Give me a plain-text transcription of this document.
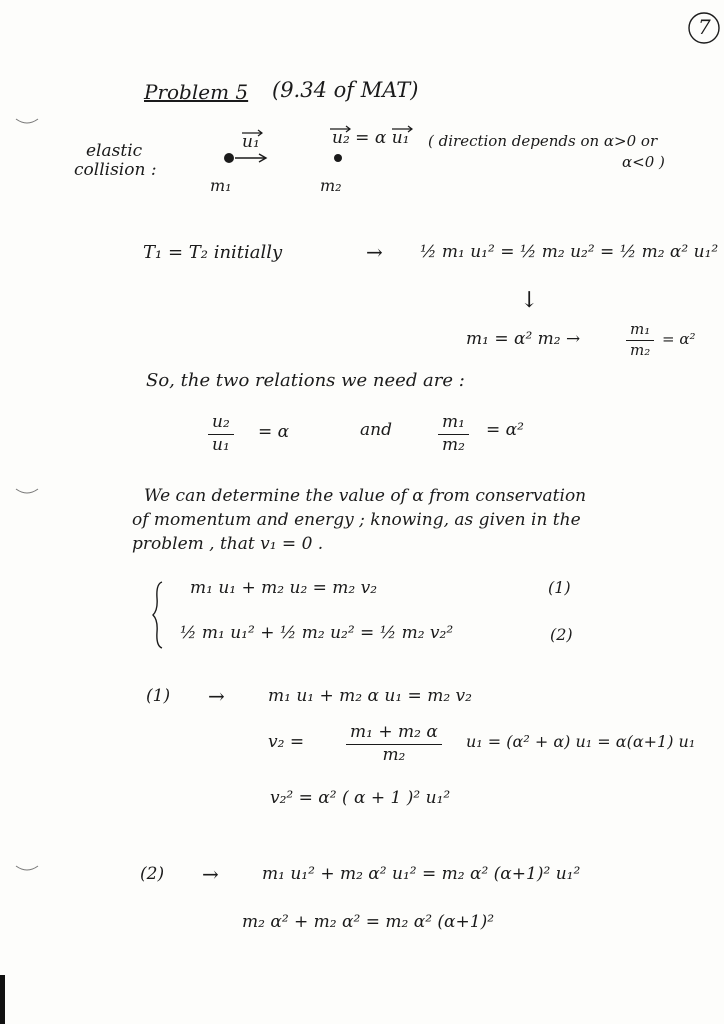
7
Problem 5 (9.34 of MAT)
elastic
collision :
u₁	u₂ = α u₁
m₁	m₂
( direction depends on α>0 or
α<0 )
T₁ = T₂ initially	→ ½ m₁ u₁² = ½ m₂ u₂² = ½ m₂ α² u₁²
↓
m₁ = α² m₂ →	m₁
m₂
= α²
So, the two relations we need are :
u₂
u₁
= α	and	m₁
m₂
= α²
We can determine the value of α from conservation
of momentum and energy ; knowing, as given in the
problem , that v₁ = 0 .
m₁ u₁ + m₂ u₂ = m₂ v₂	(1)
½ m₁ u₁² + ½ m₂ u₂² = ½ m₂ v₂²	(2)
(1) →	m₁ u₁ + m₂ α u₁ = m₂ v₂
v₂ =	m₁ + m₂ α
m₂
u₁ = (α² + α) u₁ = α(α+1) u₁
v₂² = α² ( α + 1 )² u₁²
(2) →	m₁ u₁² + m₂ α² u₁² = m₂ α² (α+1)² u₁²
m₂ α² + m₂ α² = m₂ α² (α+1)²
